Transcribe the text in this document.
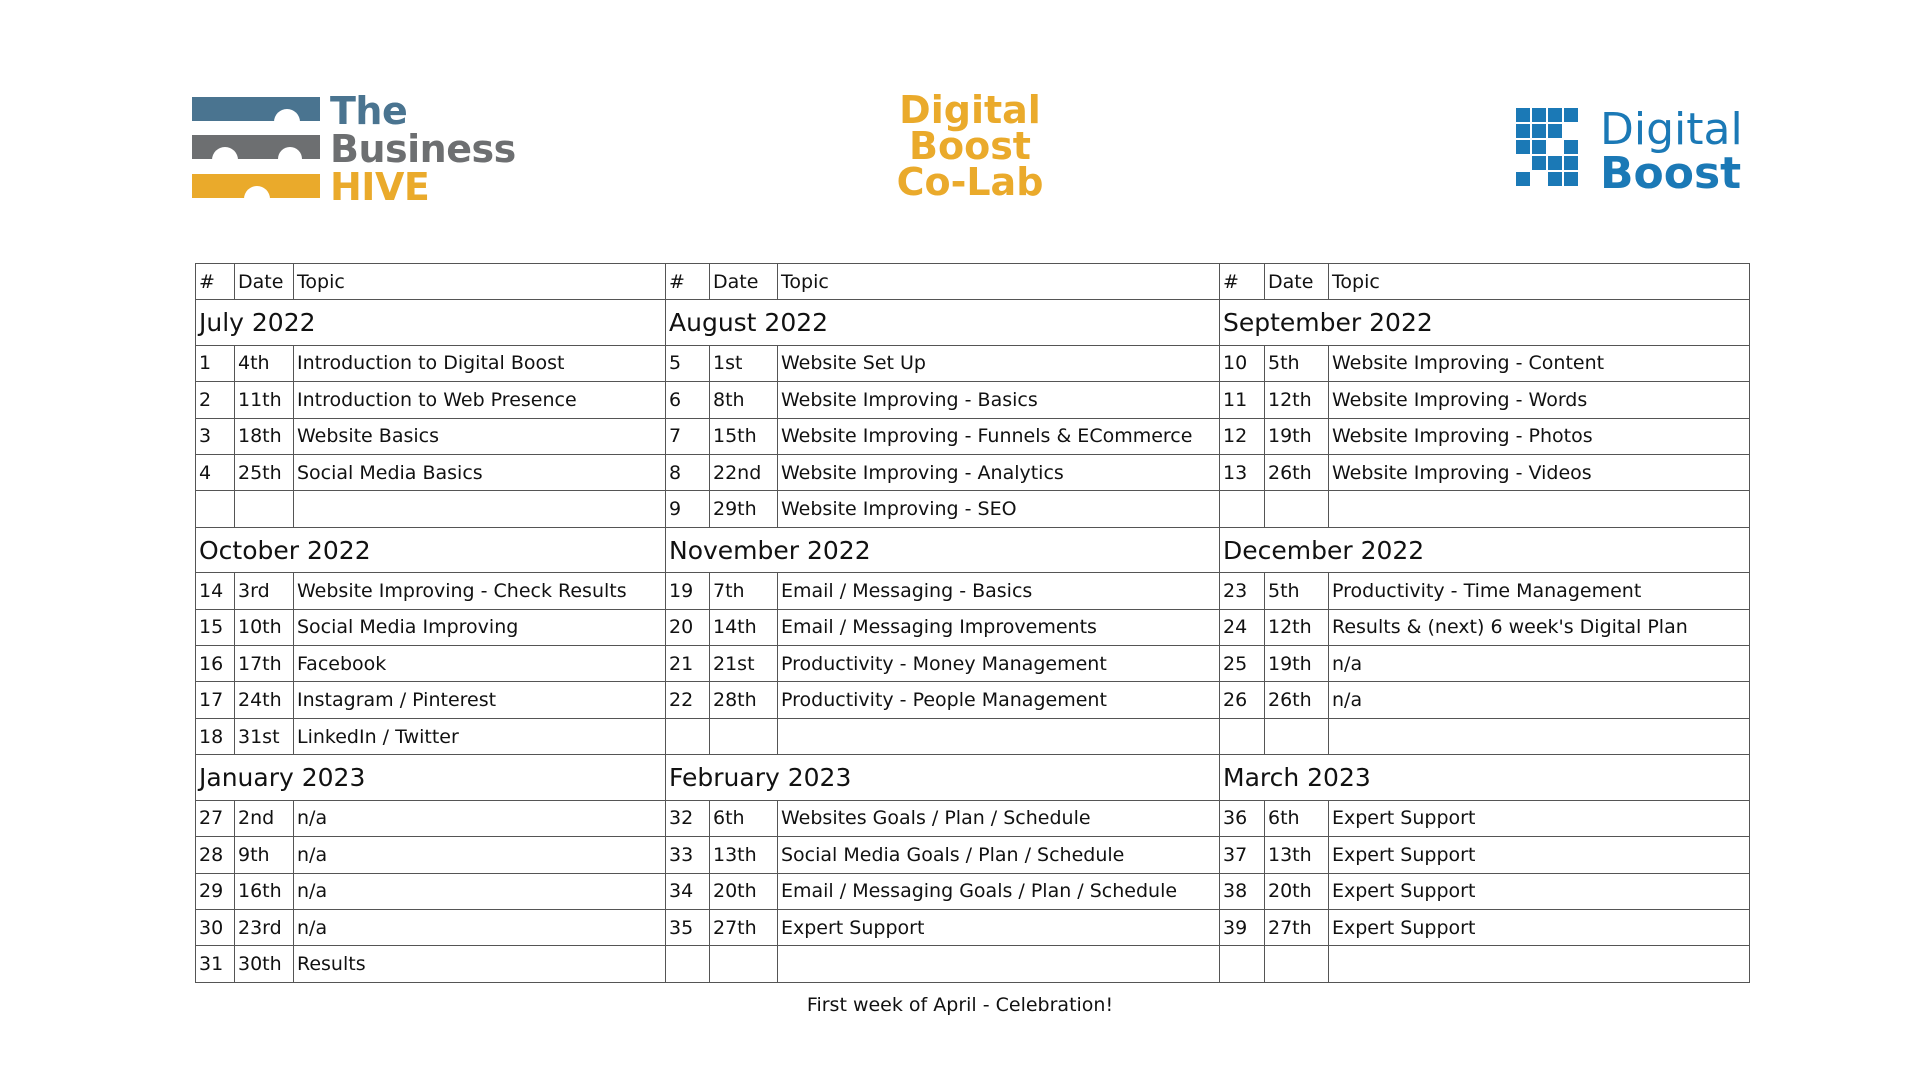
The
Business
HIVE
Digital
Boost
Co-Lab
Digital
Boost
#	Date	Topic	#	Date	Topic	#	Date	Topic
July 2022			August 2022			September 2022		
1	4th	Introduction to Digital Boost	5	1st	Website Set Up	10	5th	Website Improving - Content
2	11th	Introduction to Web Presence	6	8th	Website Improving - Basics	11	12th	Website Improving - Words
3	18th	Website Basics	7	15th	Website Improving - Funnels & ECommerce	12	19th	Website Improving - Photos
4	25th	Social Media Basics	8	22nd	Website Improving - Analytics	13	26th	Website Improving - Videos
			9	29th	Website Improving - SEO			
October 2022			November 2022			December 2022		
14	3rd	Website Improving - Check Results	19	7th	Email / Messaging - Basics	23	5th	Productivity - Time Management
15	10th	Social Media Improving	20	14th	Email / Messaging Improvements	24	12th	Results & (next) 6 week's Digital Plan
16	17th	Facebook	21	21st	Productivity - Money Management	25	19th	n/a
17	24th	Instagram / Pinterest	22	28th	Productivity - People Management	26	26th	n/a
18	31st	LinkedIn / Twitter						
January 2023			February 2023			March 2023		
27	2nd	n/a	32	6th	Websites Goals / Plan / Schedule	36	6th	Expert Support
28	9th	n/a	33	13th	Social Media Goals / Plan / Schedule	37	13th	Expert Support
29	16th	n/a	34	20th	Email / Messaging Goals / Plan / Schedule	38	20th	Expert Support
30	23rd	n/a	35	27th	Expert Support	39	27th	Expert Support
31	30th	Results						
First week of April - Celebration!
